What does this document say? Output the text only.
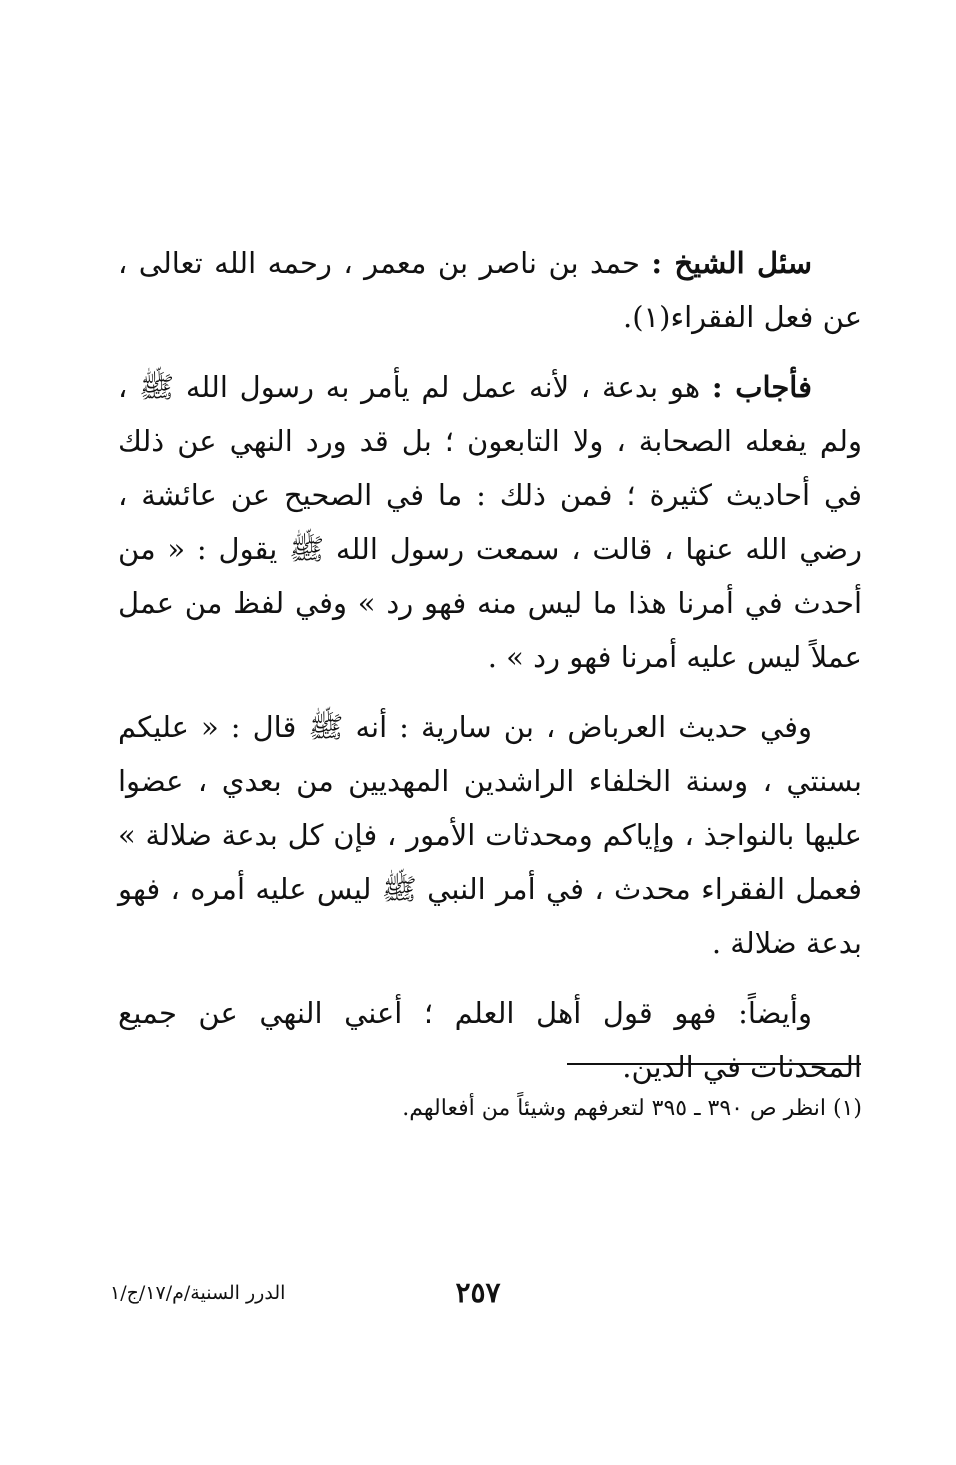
سئل الشيخ : حمد بن ناصر بن معمر ، رحمه الله تعالى ، عن فعل الفقراء(١).

فأجاب : هو بدعة ، لأنه عمل لم يأمر به رسول الله ﷺ ، ولم يفعله الصحابة ، ولا التابعون ؛ بل قد ورد النهي عن ذلك في أحاديث كثيرة ؛ فمن ذلك : ما في الصحيح عن عائشة ، رضي الله عنها ، قالت ، سمعت رسول الله ﷺ يقول : « من أحدث في أمرنا هذا ما ليس منه فهو رد » وفي لفظ من عمل عملاً ليس عليه أمرنا فهو رد » .

وفي حديث العرباض ، بن سارية : أنه ﷺ قال : « عليكم بسنتي ، وسنة الخلفاء الراشدين المهديين من بعدي ، عضوا عليها بالنواجذ ، وإياكم ومحدثات الأمور ، فإن كل بدعة ضلالة » فعمل الفقراء محدث ، في أمر النبي ﷺ ليس عليه أمره ، فهو بدعة ضلالة .

وأيضاً: فهو قول أهل العلم ؛ أعني النهي عن جميع المحدثات في الدين.

(١) انظر ص ٣٩٠ ـ ٣٩٥ لتعرفهم وشيئاً من أفعالهم.
٢٥٧
الدرر السنية/م/١٧/ج/١
